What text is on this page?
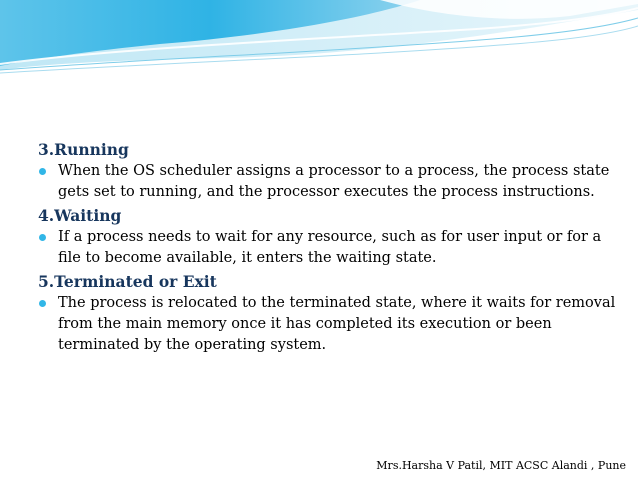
3.Running

When the OS scheduler assigns a processor to a process, the process state gets set to running, and the processor executes the process instructions.

4.Waiting

If a process needs to wait for any resource, such as for user input or for a file to become available, it enters the waiting state.

5.Terminated or Exit

The process is relocated to the terminated state, where it waits for removal from the main memory once it has completed its execution or been terminated by the operating system.

Mrs.Harsha V Patil, MIT ACSC Alandi , Pune
